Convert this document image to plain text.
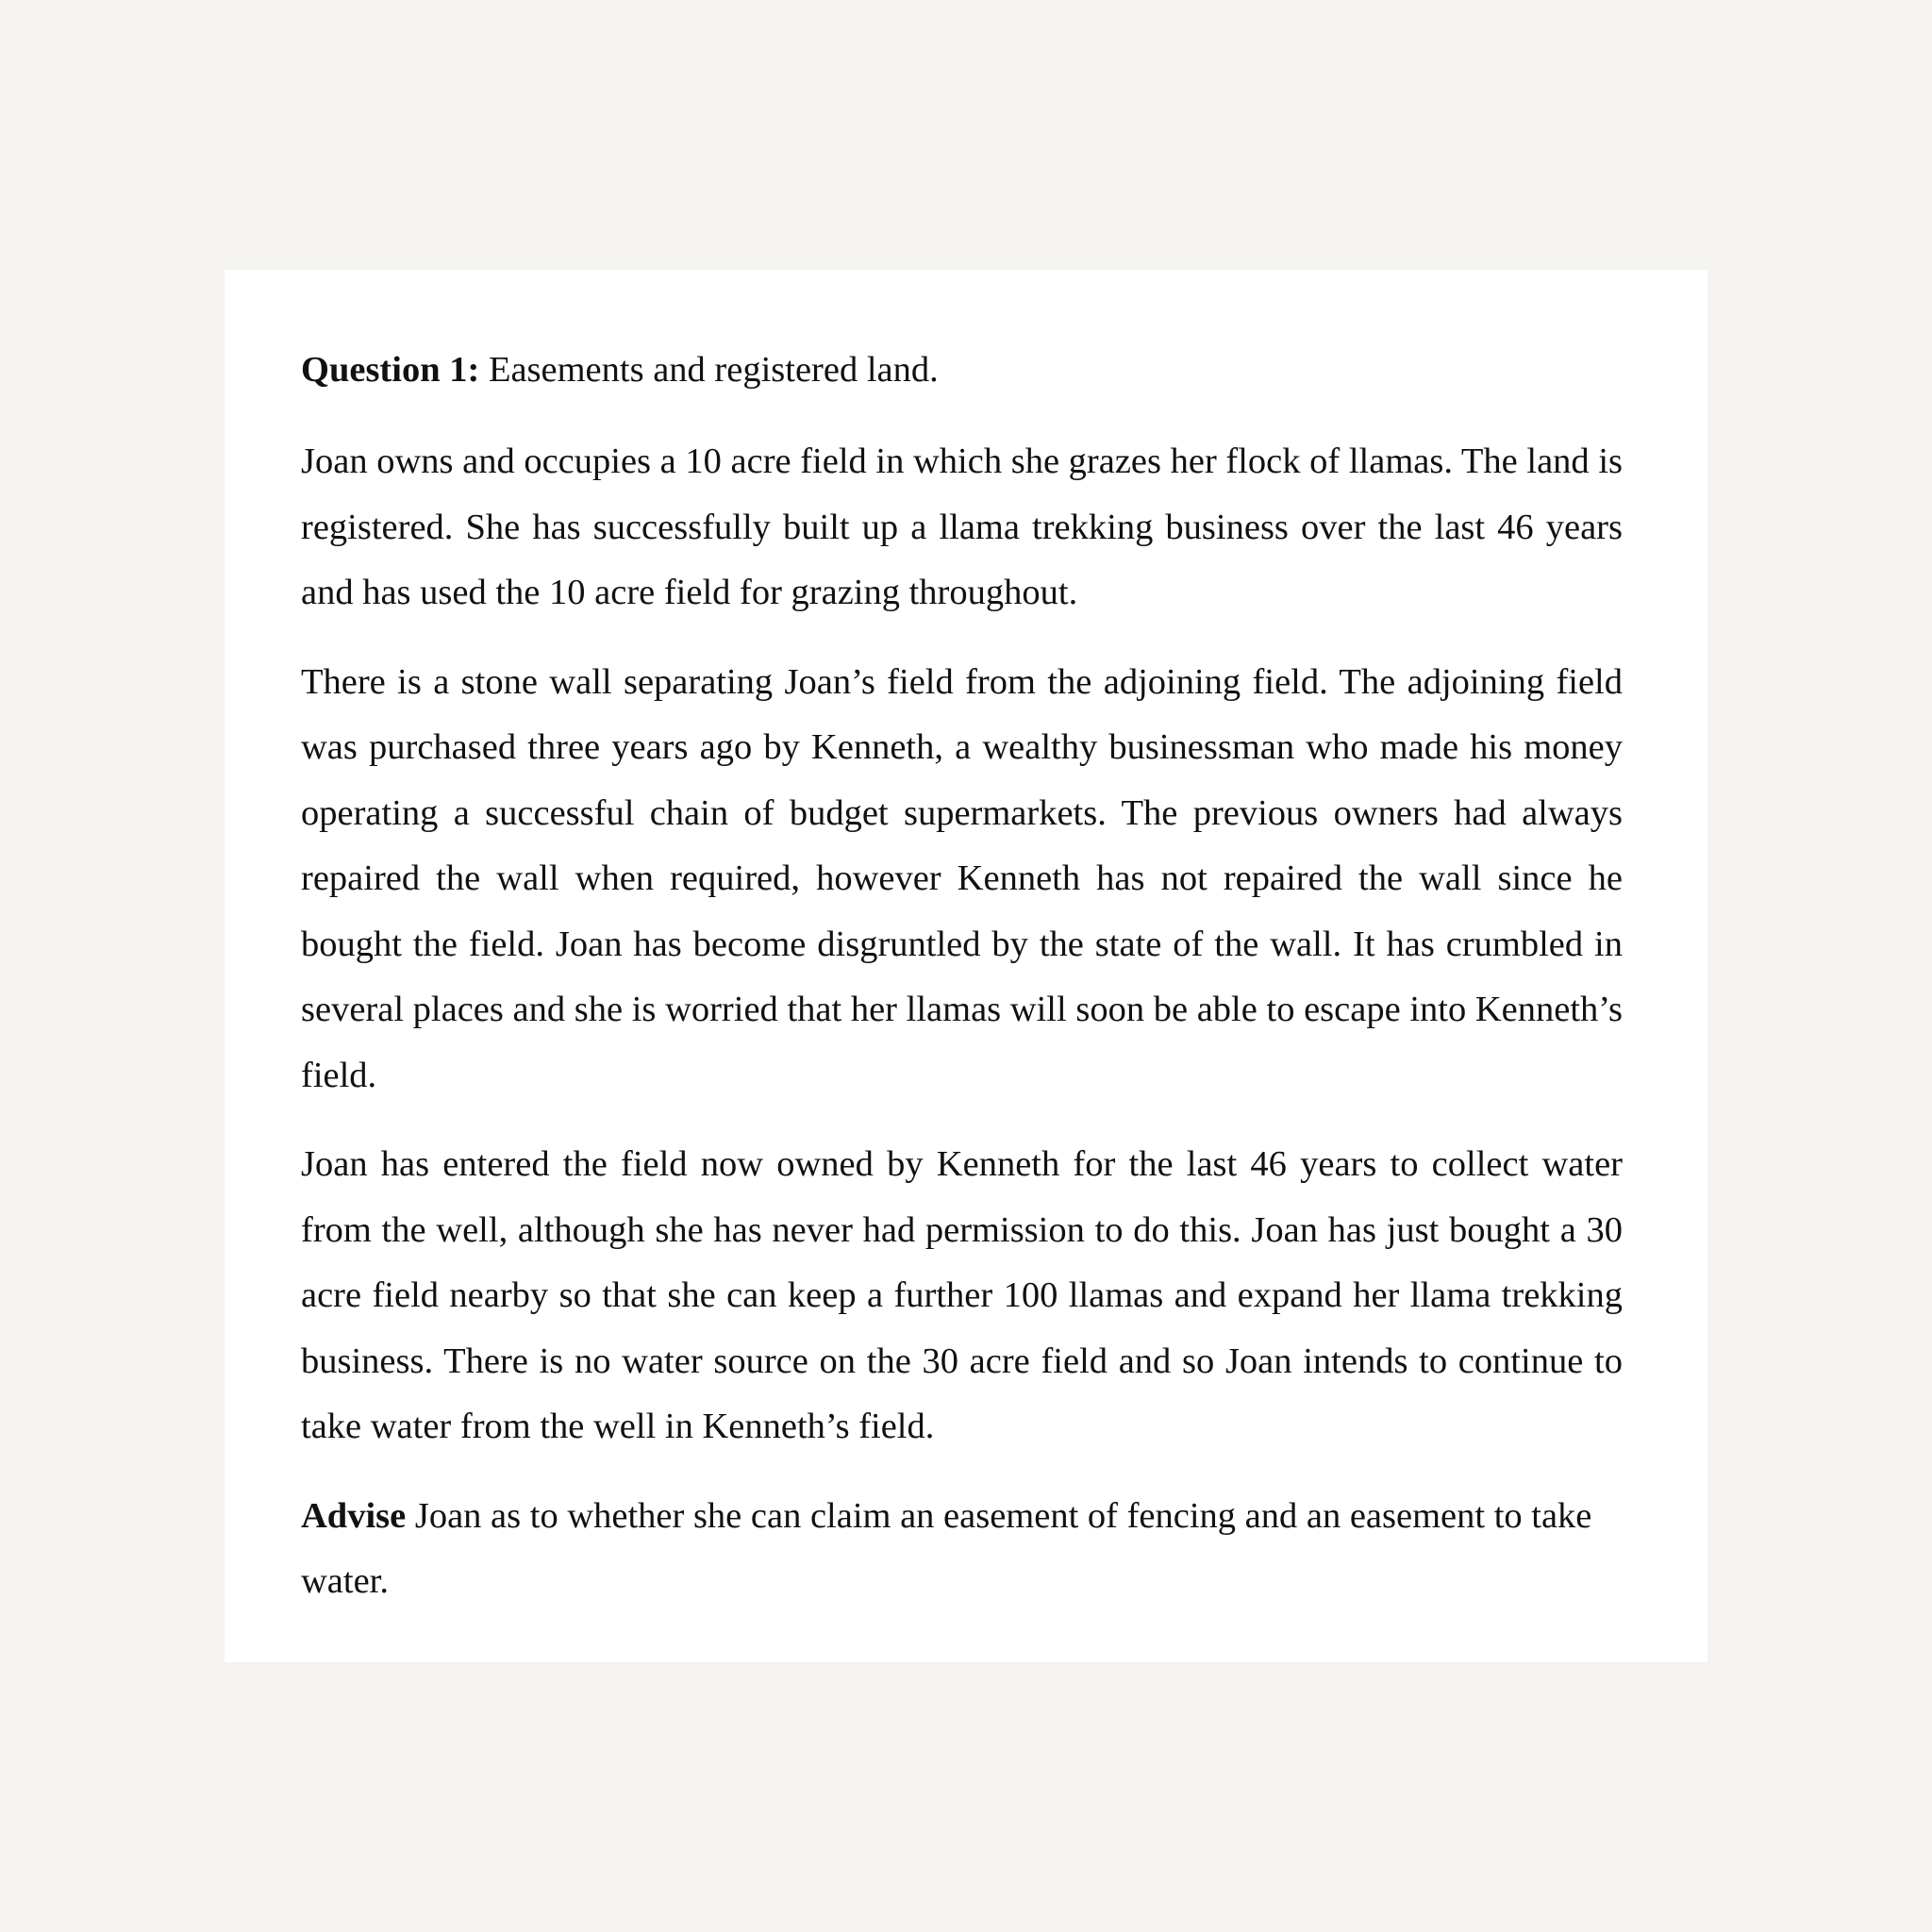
Question 1: Easements and registered land.

Joan owns and occupies a 10 acre field in which she grazes her flock of llamas. The land is registered. She has successfully built up a llama trekking business over the last 46 years and has used the 10 acre field for grazing throughout.

There is a stone wall separating Joan’s field from the adjoining field. The adjoining field was purchased three years ago by Kenneth, a wealthy businessman who made his money operating a successful chain of budget supermarkets. The previous owners had always repaired the wall when required, however Kenneth has not repaired the wall since he bought the field. Joan has become disgruntled by the state of the wall. It has crumbled in several places and she is worried that her llamas will soon be able to escape into Kenneth’s field.

Joan has entered the field now owned by Kenneth for the last 46 years to collect water from the well, although she has never had permission to do this. Joan has just bought a 30 acre field nearby so that she can keep a further 100 llamas and expand her llama trekking business. There is no water source on the 30 acre field and so Joan intends to continue to take water from the well in Kenneth’s field.

Advise Joan as to whether she can claim an easement of fencing and an easement to take water.
